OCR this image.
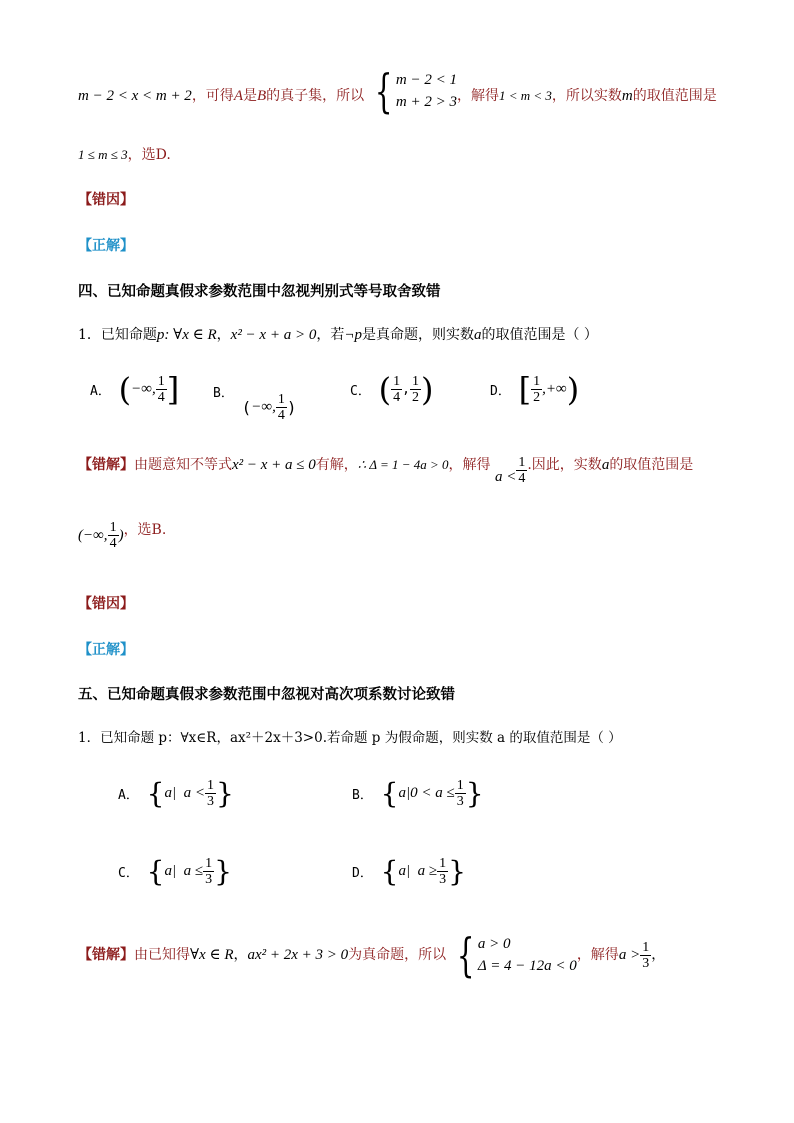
m − 2 < x < m + 2，可得A是B的真子集，所以 { m − 2 < 1
m + 2 > 3 ，解得1 < m < 3，所以实数m的取值范围是
1 ≤ m ≤ 3，选D.
【错因】
【正解】
四、已知命题真假求参数范围中忽视判别式等号取舍致错
1．已知命题p: ∀x ∈ R，x² − x + a > 0，若¬p是真命题，则实数a的取值范围是（ ）
A． (−∞, $\frac{1}{4}$ ]	B． (−∞, $\frac{1}{4}$ )
C． ( $\frac{1}{4}$ , $\frac{1}{2}$ )	D． [ $\frac{1}{2}$ ,+∞)
【错解】由题意知不等式x² − x + a ≤ 0有解，∴ Δ = 1 − 4a > 0，解得 $a < \frac{1}{4}$ .因此，实数a的取值范围是
(−∞, $\frac{1}{4}$ )，选B.
【错因】
【正解】
五、已知命题真假求参数范围中忽视对高次项系数讨论致错
1．已知命题 p：∀x∈R，ax²＋2x＋3>0.若命题 p 为假命题，则实数 a 的取值范围是（ ）
A． {a|  $a < \frac{1}{3}$ }	B． {$a|0 < a \le \frac{1}{3}$ }
C． {a|  $a \le \frac{1}{3}$ }	D． {a|  $a \ge \frac{1}{3}$ }
【错解】由已知得∀x ∈ R，ax² + 2x + 3 > 0为真命题，所以 { a > 0
Δ = 4 − 12a < 0
，解得$a > \frac{1}{3}$ ，
